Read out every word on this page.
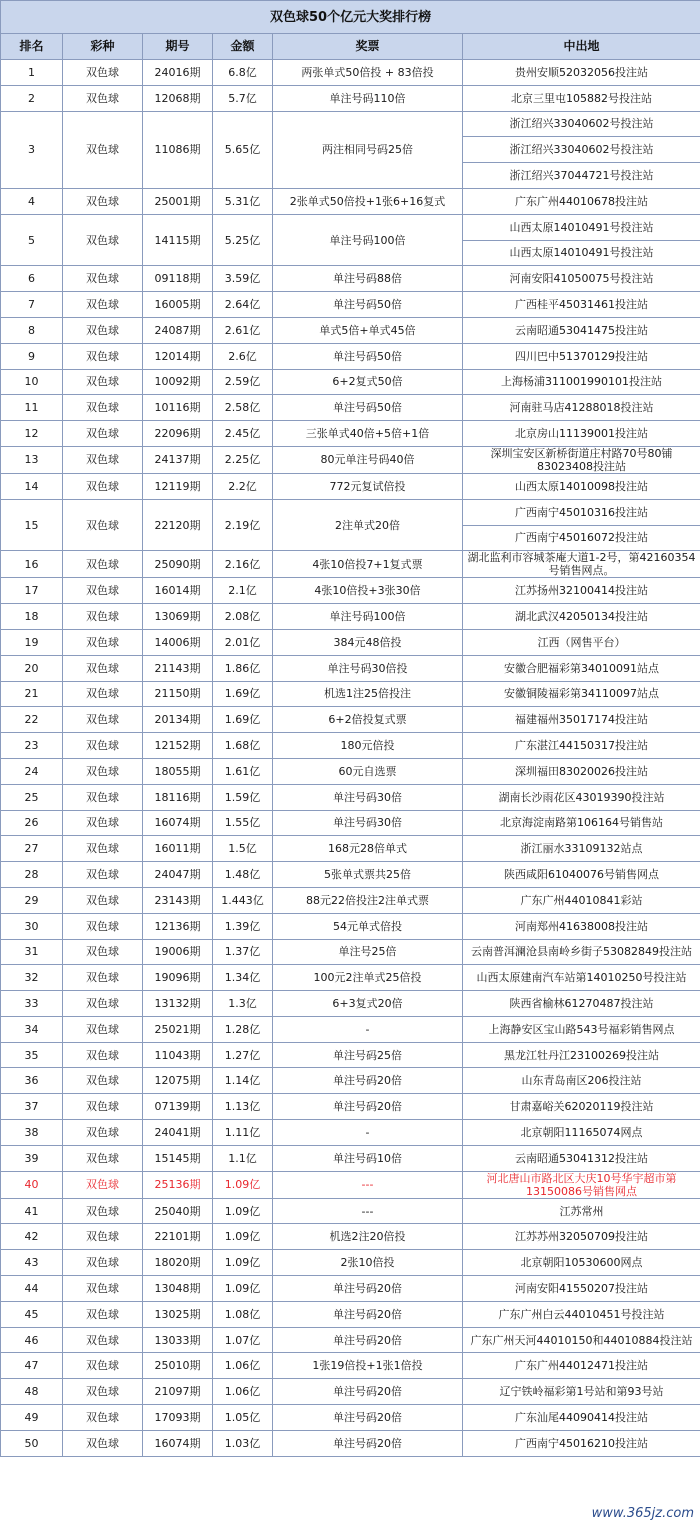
双色球50个亿元大奖排行榜					
排名	彩种	期号	金额	奖票	中出地
1	双色球	24016期	6.8亿	两张单式50倍投 + 83倍投	贵州安顺52032056投注站
2	双色球	12068期	5.7亿	单注号码110倍	北京三里屯105882号投注站
3	双色球	11086期	5.65亿	两注相同号码25倍	浙江绍兴33040602号投注站
					浙江绍兴33040602号投注站
					浙江绍兴37044721号投注站
4	双色球	25001期	5.31亿	2张单式50倍投+1张6+16复式	广东广州44010678投注站
5	双色球	14115期	5.25亿	单注号码100倍	山西太原14010491号投注站
					山西太原14010491号投注站
6	双色球	09118期	3.59亿	单注号码88倍	河南安阳41050075号投注站
7	双色球	16005期	2.64亿	单注号码50倍	广西桂平45031461投注站
8	双色球	24087期	2.61亿	单式5倍+单式45倍	云南昭通53041475投注站
9	双色球	12014期	2.6亿	单注号码50倍	四川巴中51370129投注站
10	双色球	10092期	2.59亿	6+2复式50倍	上海杨浦311001990101投注站
11	双色球	10116期	2.58亿	单注号码50倍	河南驻马店41288018投注站
12	双色球	22096期	2.45亿	三张单式40倍+5倍+1倍	北京房山11139001投注站
13	双色球	24137期	2.25亿	80元单注号码40倍	深圳宝安区新桥街道庄村路70号80铺83023408投注站
14	双色球	12119期	2.2亿	772元复试倍投	山西太原14010098投注站
15	双色球	22120期	2.19亿	2注单式20倍	广西南宁45010316投注站
					广西南宁45016072投注站
16	双色球	25090期	2.16亿	4张10倍投7+1复式票	湖北监利市容城茶庵大道1-2号，第42160354号销售网点。
17	双色球	16014期	2.1亿	4张10倍投+3张30倍	江苏扬州32100414投注站
18	双色球	13069期	2.08亿	单注号码100倍	湖北武汉42050134投注站
19	双色球	14006期	2.01亿	384元48倍投	江西（网售平台）
20	双色球	21143期	1.86亿	单注号码30倍投	安徽合肥福彩第34010091站点
21	双色球	21150期	1.69亿	机选1注25倍投注	安徽铜陵福彩第34110097站点
22	双色球	20134期	1.69亿	6+2倍投复式票	福建福州35017174投注站
23	双色球	12152期	1.68亿	180元倍投	广东湛江44150317投注站
24	双色球	18055期	1.61亿	60元自选票	深圳福田83020026投注站
25	双色球	18116期	1.59亿	单注号码30倍	湖南长沙雨花区43019390投注站
26	双色球	16074期	1.55亿	单注号码30倍	北京海淀南路第106164号销售站
27	双色球	16011期	1.5亿	168元28倍单式	浙江丽水33109132站点
28	双色球	24047期	1.48亿	5张单式票共25倍	陕西咸阳61040076号销售网点
29	双色球	23143期	1.443亿	88元22倍投注2注单式票	广东广州44010841彩站
30	双色球	12136期	1.39亿	54元单式倍投	河南郑州41638008投注站
31	双色球	19006期	1.37亿	单注号25倍	云南普洱澜沧县南岭乡街子53082849投注站
32	双色球	19096期	1.34亿	100元2注单式25倍投	山西太原建南汽车站第14010250号投注站
33	双色球	13132期	1.3亿	6+3复式20倍	陕西省榆林61270487投注站
34	双色球	25021期	1.28亿	-	上海静安区宝山路543号福彩销售网点
35	双色球	11043期	1.27亿	单注号码25倍	黑龙江牡丹江23100269投注站
36	双色球	12075期	1.14亿	单注号码20倍	山东青岛南区206投注站
37	双色球	07139期	1.13亿	单注号码20倍	甘肃嘉峪关62020119投注站
38	双色球	24041期	1.11亿	-	北京朝阳11165074网点
39	双色球	15145期	1.1亿	单注号码10倍	云南昭通53041312投注站
40	双色球	25136期	1.09亿	---	河北唐山市路北区大庆10号华宇超市第13150086号销售网点
41	双色球	25040期	1.09亿	---	江苏常州
42	双色球	22101期	1.09亿	机选2注20倍投	江苏苏州32050709投注站
43	双色球	18020期	1.09亿	2张10倍投	北京朝阳10530600网点
44	双色球	13048期	1.09亿	单注号码20倍	河南安阳41550207投注站
45	双色球	13025期	1.08亿	单注号码20倍	广东广州白云44010451号投注站
46	双色球	13033期	1.07亿	单注号码20倍	广东广州天河44010150和44010884投注站
47	双色球	25010期	1.06亿	1张19倍投+1张1倍投	广东广州44012471投注站
48	双色球	21097期	1.06亿	单注号码20倍	辽宁铁岭福彩第1号站和第93号站
49	双色球	17093期	1.05亿	单注号码20倍	广东汕尾44090414投注站
50	双色球	16074期	1.03亿	单注号码20倍	广西南宁45016210投注站
www.365jz.com
